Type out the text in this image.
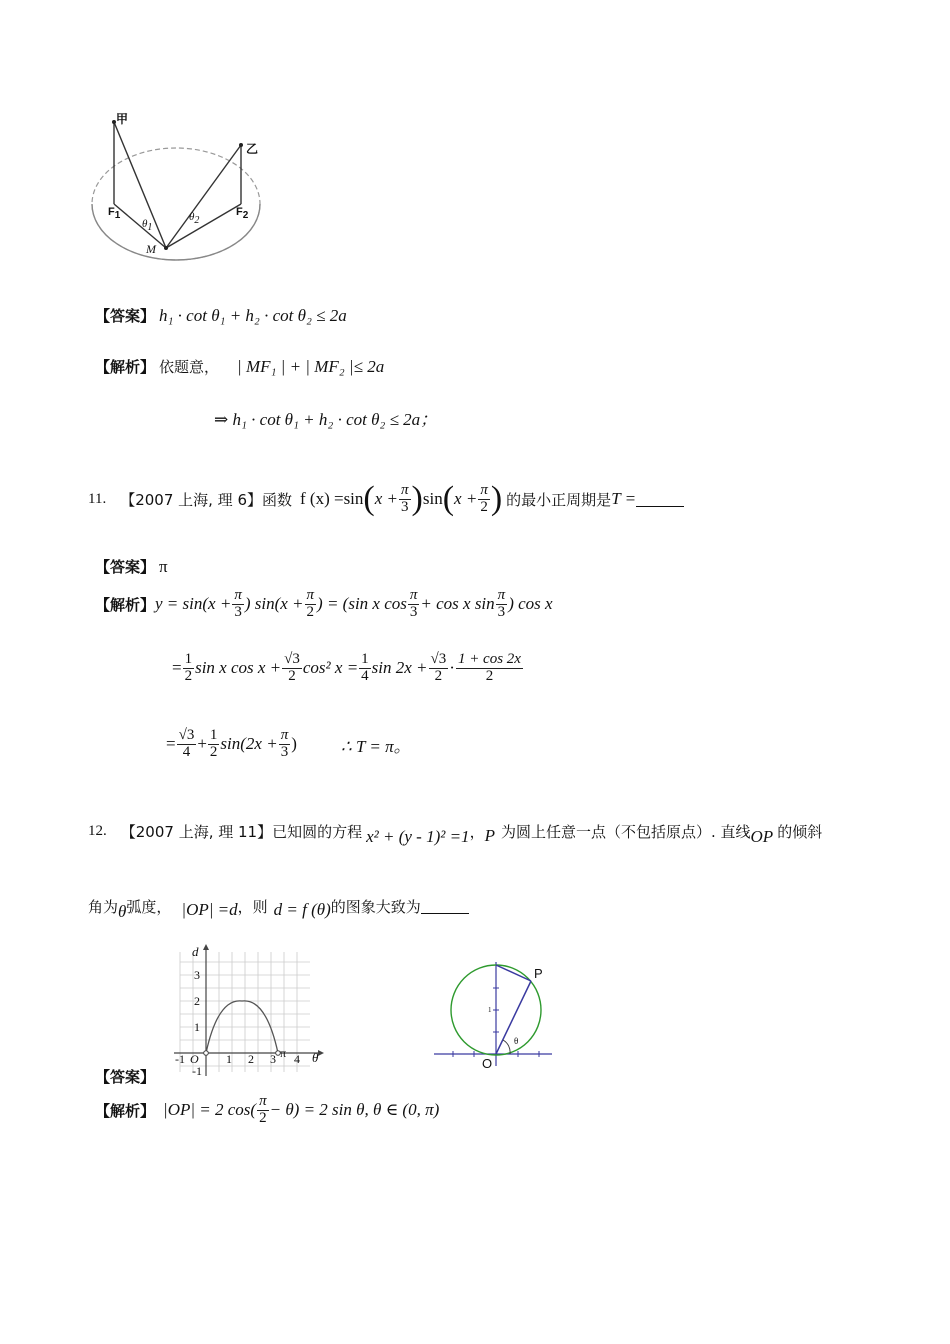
甲
乙
$F_1$	$F_2$
M
$\theta_1$
$\theta_2$
【答案】 h₁ · cot θ₁ + h₂ · cot θ₂ ≤ 2a
【解析】 依题意， | MF₁ | + | MF₂ |≤ 2a
⇒ h₁ · cot θ₁ + h₂ · cot θ₂ ≤ 2a；
11. 【2007 上海, 理 6】函数 f (x) =sin ( $x + \frac{\pi}{3}$ ) sin ( $x + \frac{\pi}{2}$ ) 的最小正周期是 T =
【答案】 π
【解析】 $y = \sin(x + \frac{\pi}{3}$ ) $\sin(x + \frac{\pi}{2}$ ) = (sin x $\cos \frac{\pi}{3} + \cos x$ $\sin \frac{\pi}{3}$ ) cos x
= $\frac{1}{2}$ sin x $\cos x + \frac{√3}{2} \cos^2$ $x = \frac{1}{4}$ $\sin 2x + \frac{√3}{2} \cdot \frac{1 + \cos 2x}{2}$
= $\frac{√3}{4} + \frac{1}{2} \sin(2x + \frac{\pi}{3}$ )	∴ T = π。
12. 【2007 上海, 理 11】已知圆的方程 x² + (y - 1)² =1 ， P 为圆上任意一点（不包括原点）. 直线 OP 的倾斜
角为 θ 弧度， |OP| =d ，则 d = f (θ) 的图象大致为
d
θ
3
2
1
-1
-1 O 1 2 3 π 4
P
O
θ
1
【答案】
【解析】 |OP| = 2 $\cos( \frac{\pi}{2} - \theta) = 2$ sin θ, θ ∈ (0, π)
